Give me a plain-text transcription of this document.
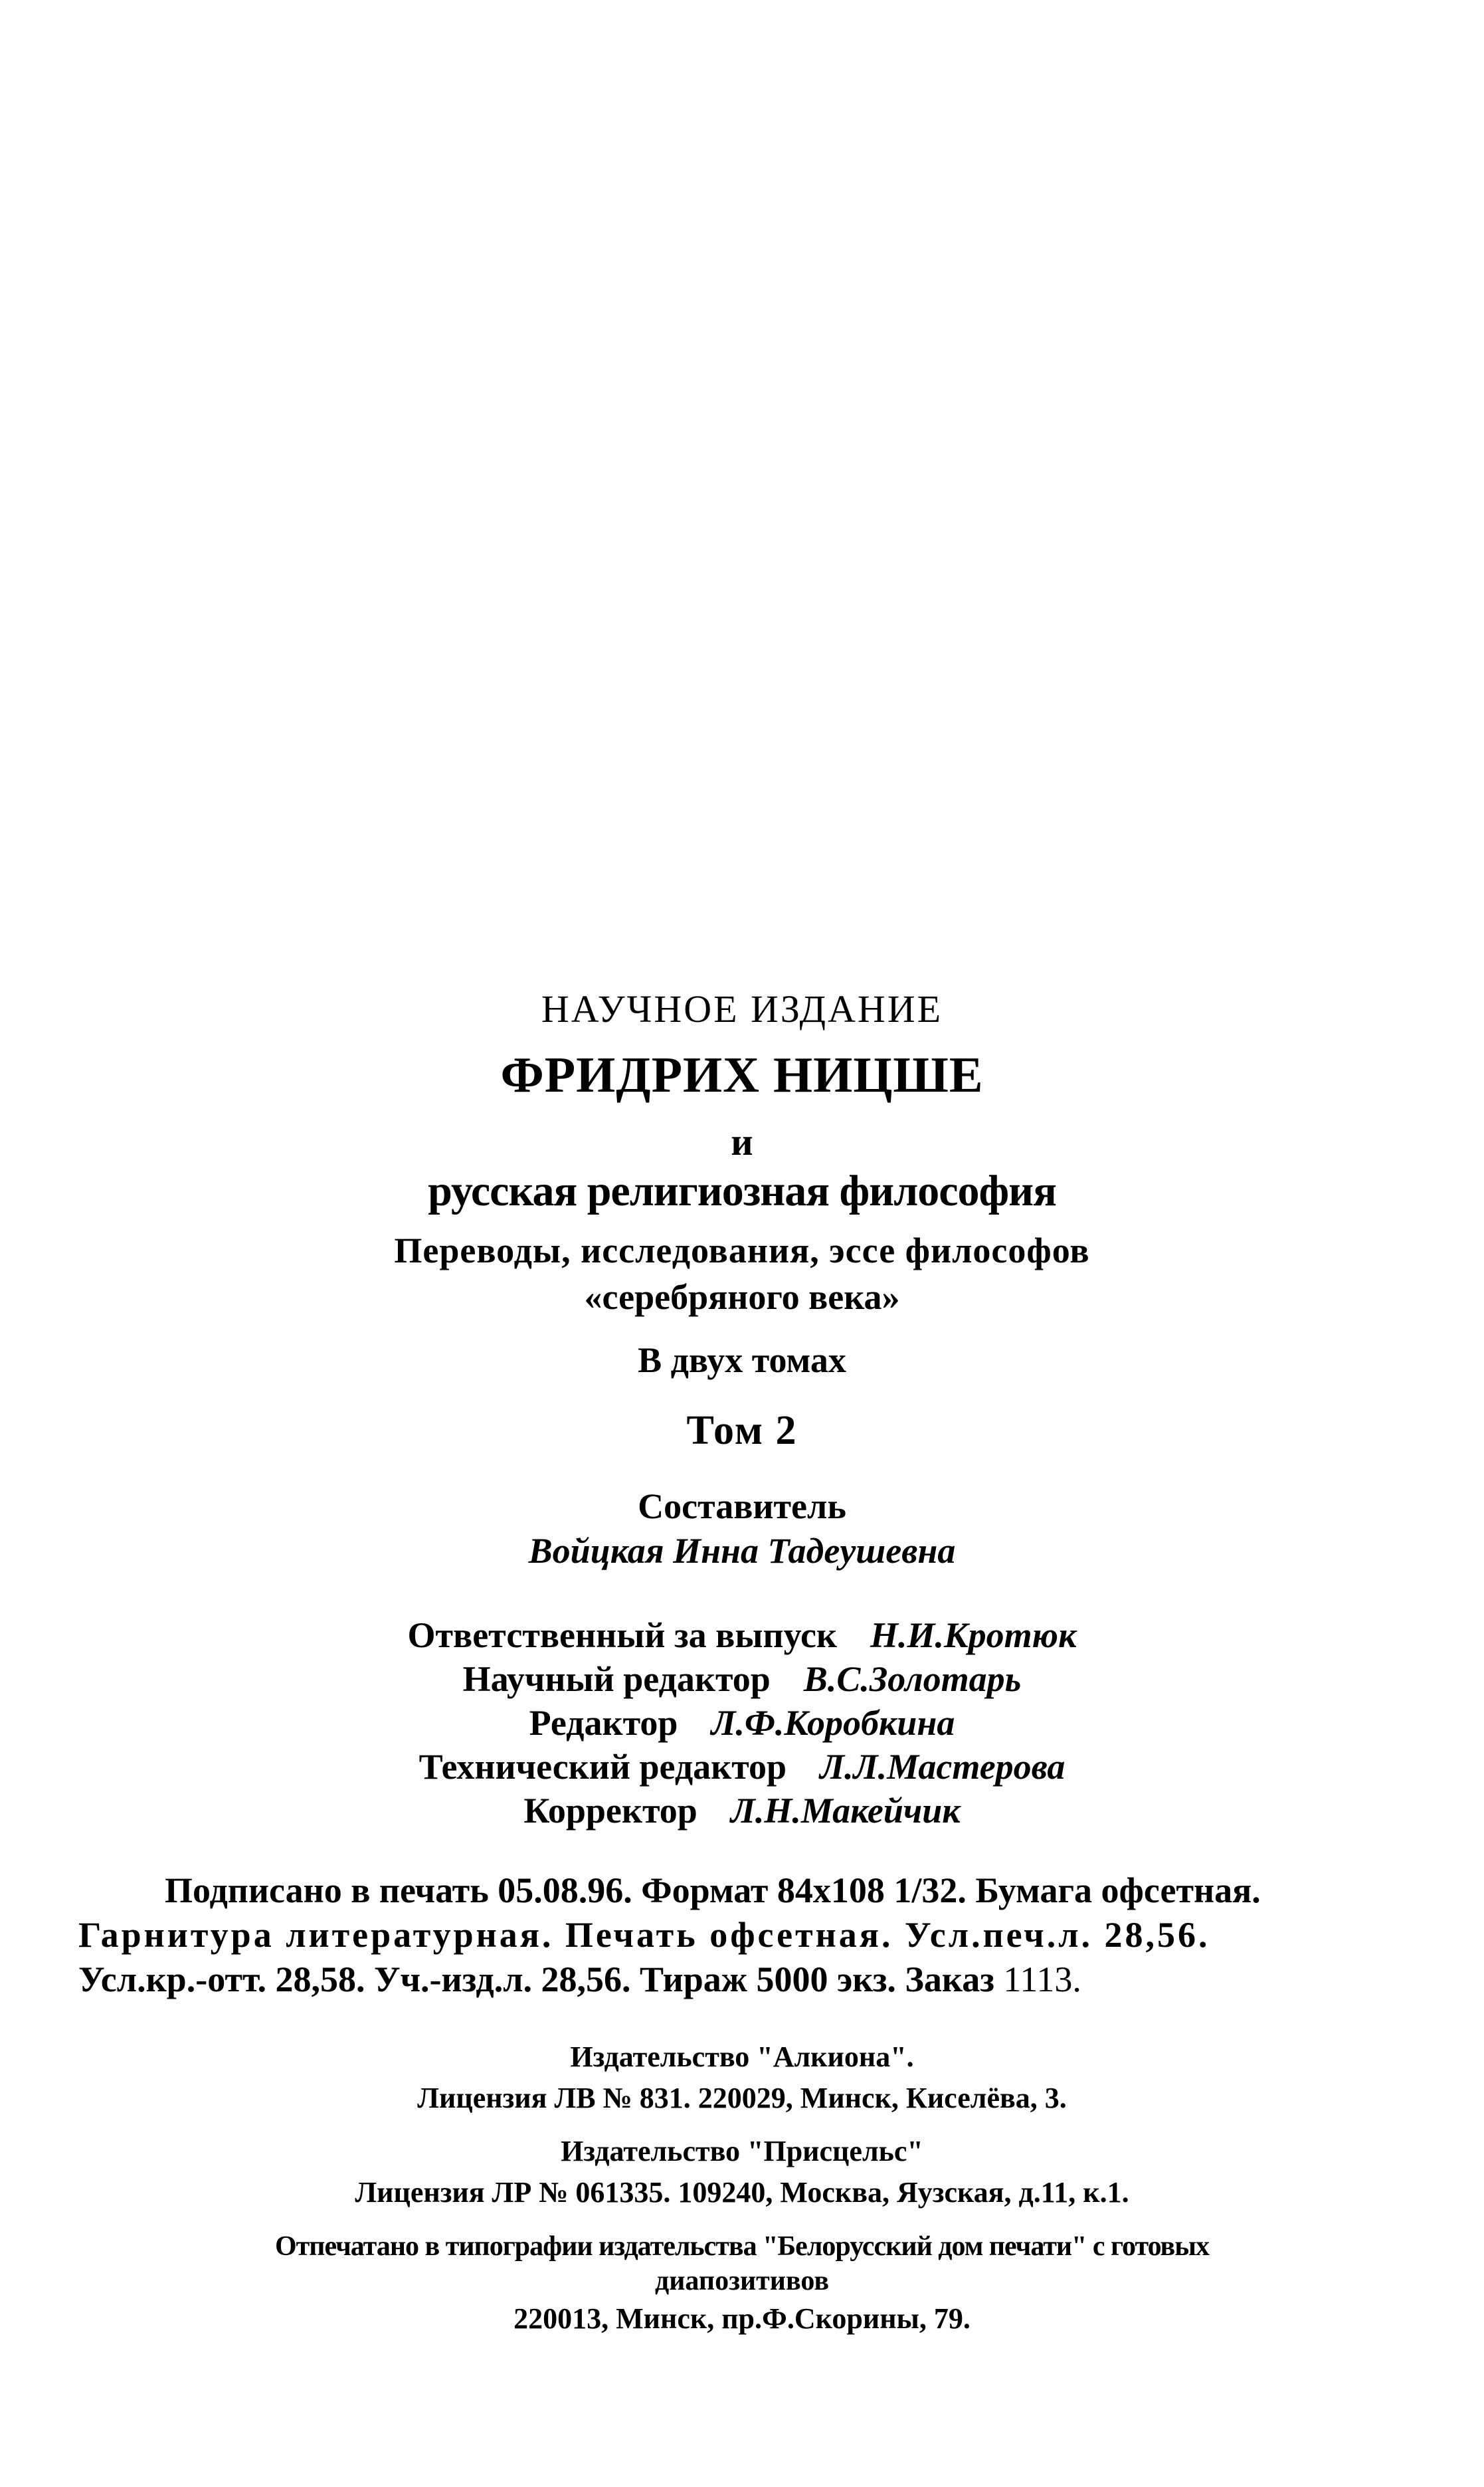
НАУЧНОЕ ИЗДАНИЕ
ФРИДРИХ НИЦШЕ
и
русская религиозная философия
Переводы, исследования, эссе философов
«серебряного века»
В двух томах
Том 2
Составитель
Войцкая Инна Тадеушевна
Ответственный за выпуск Н.И.Кротюк
Научный редактор В.С.Золотарь
Редактор Л.Ф.Коробкина
Технический редактор Л.Л.Мастерова
Корректор Л.Н.Макейчик
Подписано в печать 05.08.96. Формат 84x108 1/32. Бумага офсетная.
Гарнитура литературная. Печать офсетная. Усл.печ.л. 28,56.
Усл.кр.-отт. 28,58. Уч.-изд.л. 28,56. Тираж 5000 экз. Заказ 1113.
Издательство "Алкиона".
Лицензия ЛВ № 831. 220029, Минск, Киселёва, 3.
Издательство "Присцельс"
Лицензия ЛР № 061335. 109240, Москва, Яузская, д.11, к.1.
Отпечатано в типографии издательства "Белорусский дом печати" с готовых
диапозитивов
220013, Минск, пр.Ф.Скорины, 79.
